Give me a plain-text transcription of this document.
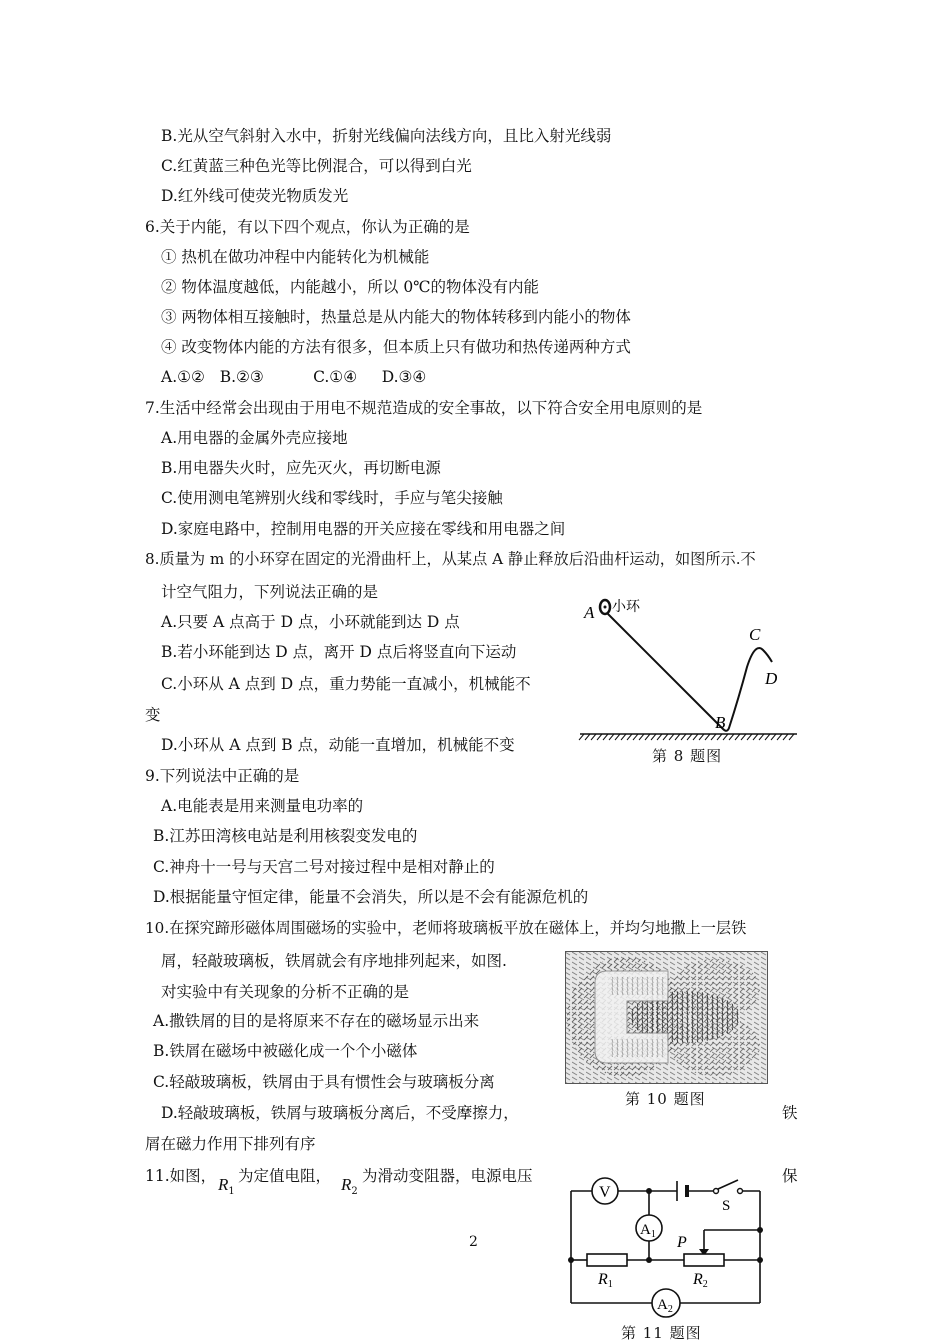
B.光从空气斜射入水中，折射光线偏向法线方向，且比入射光线弱
C.红黄蓝三种色光等比例混合，可以得到白光
D.红外线可使荧光物质发光
6.关于内能，有以下四个观点，你认为正确的是
① 热机在做功冲程中内能转化为机械能
② 物体温度越低，内能越小，所以 0℃的物体没有内能
③ 两物体相互接触时，热量总是从内能大的物体转移到内能小的物体
④ 改变物体内能的方法有很多，但本质上只有做功和热传递两种方式
A.①②   B.②③          C.①④     D.③④
7.生活中经常会出现由于用电不规范造成的安全事故，以下符合安全用电原则的是
A.用电器的金属外壳应接地
B.用电器失火时，应先灭火，再切断电源
C.使用测电笔辨别火线和零线时，手应与笔尖接触
D.家庭电路中，控制用电器的开关应接在零线和用电器之间
8.质量为 m 的小环穿在固定的光滑曲杆上，从某点 A 静止释放后沿曲杆运动，如图所示.不
计空气阻力，下列说法正确的是
A.只要 A 点高于 D 点，小环就能到达 D 点
B.若小环能到达 D 点，离开 D 点后将竖直向下运动
C.小环从 A 点到 D 点，重力势能一直减小，机械能不
变
D.小环从 A 点到 B 点，动能一直增加，机械能不变
9.下列说法中正确的是
A.电能表是用来测量电功率的
B.江苏田湾核电站是利用核裂变发电的
C.神舟十一号与天宫二号对接过程中是相对静止的
D.根据能量守恒定律，能量不会消失，所以是不会有能源危机的
10.在探究蹄形磁体周围磁场的实验中，老师将玻璃板平放在磁体上，并均匀地撒上一层铁
屑，轻敲玻璃板，铁屑就会有序地排列起来，如图.
对实验中有关现象的分析不正确的是
A.撒铁屑的目的是将原来不存在的磁场显示出来
B.铁屑在磁场中被磁化成一个个小磁体
C.轻敲玻璃板，铁屑由于具有惯性会与玻璃板分离
D.轻敲玻璃板，铁屑与玻璃板分离后，不受摩擦力，	铁
屑在磁力作用下排列有序
11.如图， $R_1$
为定值电阻， $R_2$
为滑动变阻器，电源电压	保
2
小环
A
C
D
B
第 8 题图
第 10 题图
S
P
V
$A_1$
R1	R2
$A_2$
第 11 题图
